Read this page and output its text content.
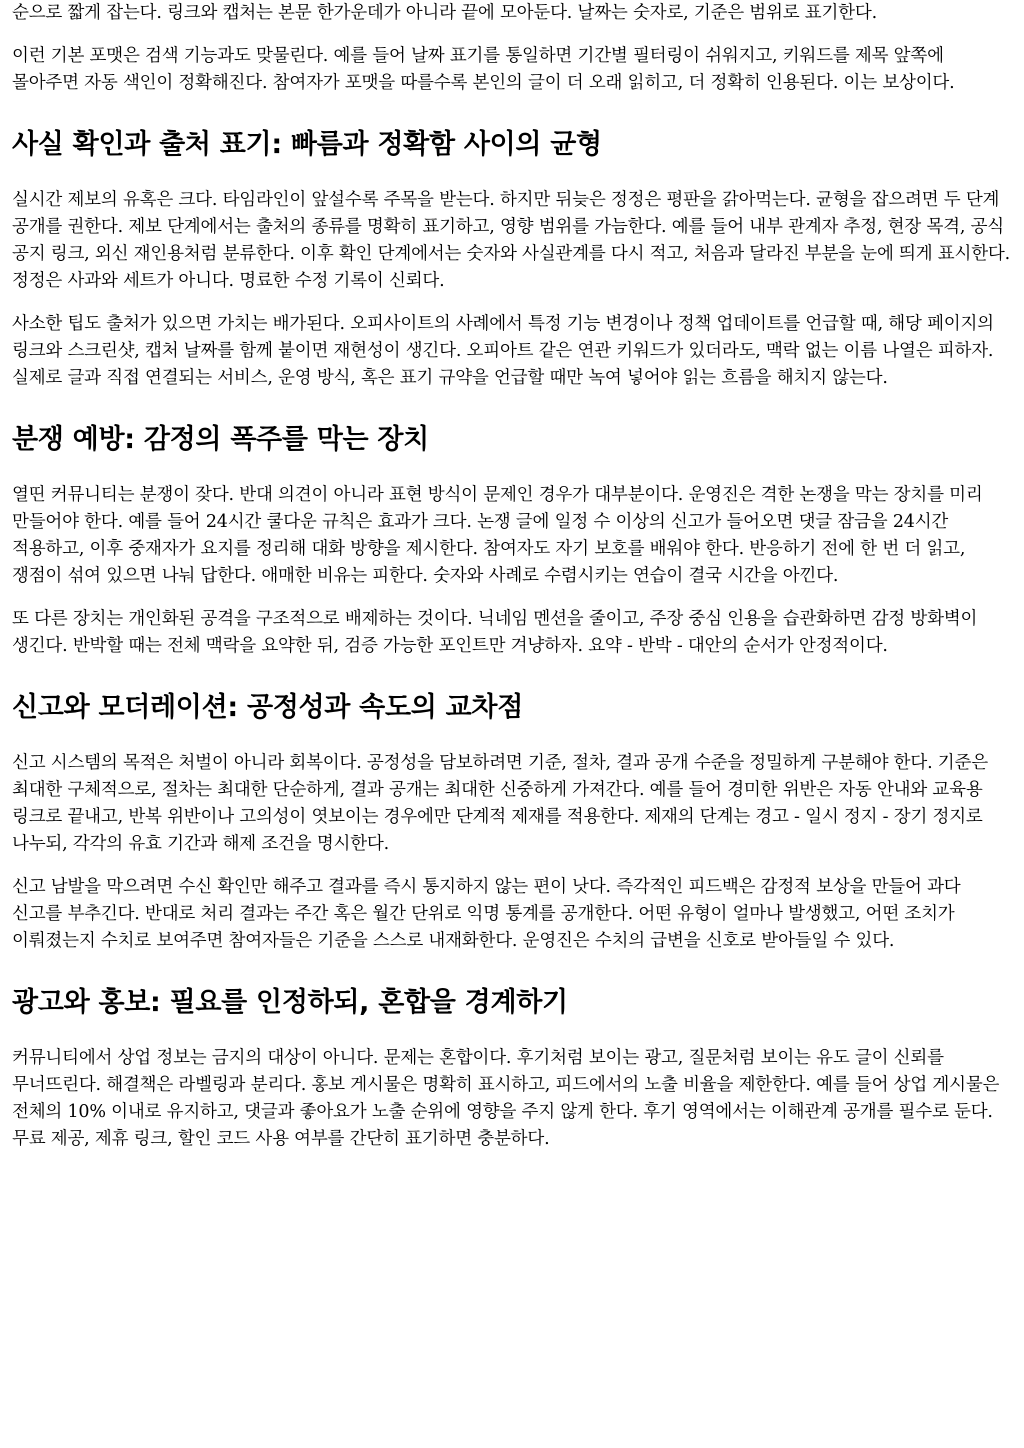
순으로 짧게 잡는다. 링크와 캡처는 본문 한가운데가 아니라 끝에 모아둔다. 날짜는 숫자로, 기준은 범위로 표기한다.

이런 기본 포맷은 검색 기능과도 맞물린다. 예를 들어 날짜 표기를 통일하면 기간별 필터링이 쉬워지고, 키워드를 제목 앞쪽에 몰아주면 자동 색인이 정확해진다. 참여자가 포맷을 따를수록 본인의 글이 더 오래 읽히고, 더 정확히 인용된다. 이는 보상이다.

사실 확인과 출처 표기: 빠름과 정확함 사이의 균형

실시간 제보의 유혹은 크다. 타임라인이 앞설수록 주목을 받는다. 하지만 뒤늦은 정정은 평판을 갉아먹는다. 균형을 잡으려면 두 단계 공개를 권한다. 제보 단계에서는 출처의 종류를 명확히 표기하고, 영향 범위를 가늠한다. 예를 들어 내부 관계자 추정, 현장 목격, 공식 공지 링크, 외신 재인용처럼 분류한다. 이후 확인 단계에서는 숫자와 사실관계를 다시 적고, 처음과 달라진 부분을 눈에 띄게 표시한다. 정정은 사과와 세트가 아니다. 명료한 수정 기록이 신뢰다.

사소한 팁도 출처가 있으면 가치는 배가된다. 오피사이트의 사례에서 특정 기능 변경이나 정책 업데이트를 언급할 때, 해당 페이지의 링크와 스크린샷, 캡처 날짜를 함께 붙이면 재현성이 생긴다. 오피아트 같은 연관 키워드가 있더라도, 맥락 없는 이름 나열은 피하자. 실제로 글과 직접 연결되는 서비스, 운영 방식, 혹은 표기 규약을 언급할 때만 녹여 넣어야 읽는 흐름을 해치지 않는다.

분쟁 예방: 감정의 폭주를 막는 장치

열띤 커뮤니티는 분쟁이 잦다. 반대 의견이 아니라 표현 방식이 문제인 경우가 대부분이다. 운영진은 격한 논쟁을 막는 장치를 미리 만들어야 한다. 예를 들어 24시간 쿨다운 규칙은 효과가 크다. 논쟁 글에 일정 수 이상의 신고가 들어오면 댓글 잠금을 24시간 적용하고, 이후 중재자가 요지를 정리해 대화 방향을 제시한다. 참여자도 자기 보호를 배워야 한다. 반응하기 전에 한 번 더 읽고, 쟁점이 섞여 있으면 나눠 답한다. 애매한 비유는 피한다. 숫자와 사례로 수렴시키는 연습이 결국 시간을 아낀다.

또 다른 장치는 개인화된 공격을 구조적으로 배제하는 것이다. 닉네임 멘션을 줄이고, 주장 중심 인용을 습관화하면 감정 방화벽이 생긴다. 반박할 때는 전체 맥락을 요약한 뒤, 검증 가능한 포인트만 겨냥하자. 요약 - 반박 - 대안의 순서가 안정적이다.

신고와 모더레이션: 공정성과 속도의 교차점

신고 시스템의 목적은 처벌이 아니라 회복이다. 공정성을 담보하려면 기준, 절차, 결과 공개 수준을 정밀하게 구분해야 한다. 기준은 최대한 구체적으로, 절차는 최대한 단순하게, 결과 공개는 최대한 신중하게 가져간다. 예를 들어 경미한 위반은 자동 안내와 교육용 링크로 끝내고, 반복 위반이나 고의성이 엿보이는 경우에만 단계적 제재를 적용한다. 제재의 단계는 경고 - 일시 정지 - 장기 정지로 나누되, 각각의 유효 기간과 해제 조건을 명시한다.

신고 남발을 막으려면 수신 확인만 해주고 결과를 즉시 통지하지 않는 편이 낫다. 즉각적인 피드백은 감정적 보상을 만들어 과다 신고를 부추긴다. 반대로 처리 결과는 주간 혹은 월간 단위로 익명 통계를 공개한다. 어떤 유형이 얼마나 발생했고, 어떤 조치가 이뤄졌는지 수치로 보여주면 참여자들은 기준을 스스로 내재화한다. 운영진은 수치의 급변을 신호로 받아들일 수 있다.

광고와 홍보: 필요를 인정하되, 혼합을 경계하기

커뮤니티에서 상업 정보는 금지의 대상이 아니다. 문제는 혼합이다. 후기처럼 보이는 광고, 질문처럼 보이는 유도 글이 신뢰를 무너뜨린다. 해결책은 라벨링과 분리다. 홍보 게시물은 명확히 표시하고, 피드에서의 노출 비율을 제한한다. 예를 들어 상업 게시물은 전체의 10% 이내로 유지하고, 댓글과 좋아요가 노출 순위에 영향을 주지 않게 한다. 후기 영역에서는 이해관계 공개를 필수로 둔다. 무료 제공, 제휴 링크, 할인 코드 사용 여부를 간단히 표기하면 충분하다.
